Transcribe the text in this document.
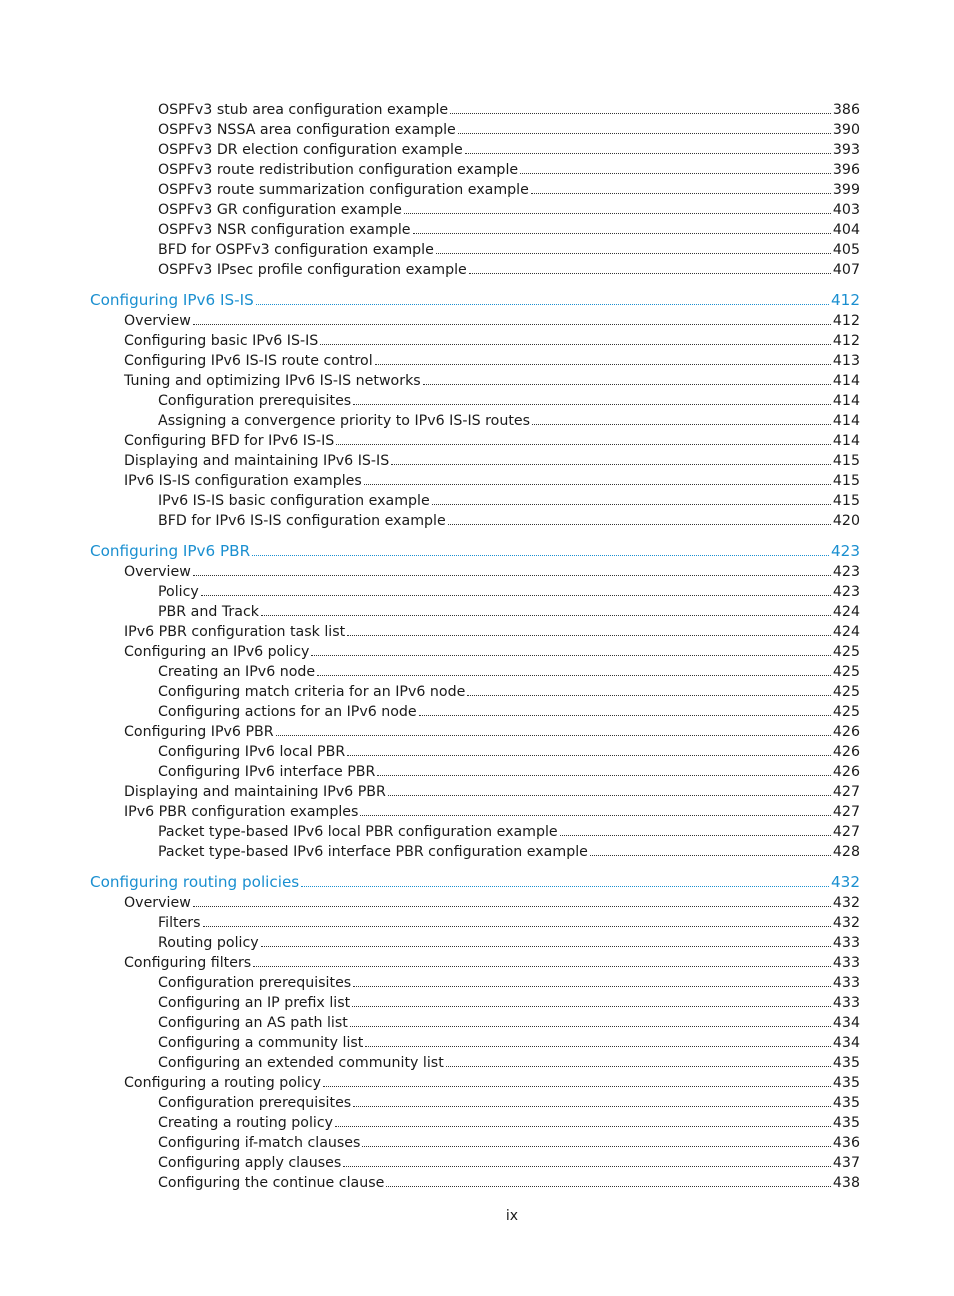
OSPFv3 stub area configuration example	386
OSPFv3 NSSA area configuration example	390
OSPFv3 DR election configuration example	393
OSPFv3 route redistribution configuration example	396
OSPFv3 route summarization configuration example	399
OSPFv3 GR configuration example	403
OSPFv3 NSR configuration example	404
BFD for OSPFv3 configuration example	405
OSPFv3 IPsec profile configuration example	407
Configuring IPv6 IS-IS	412
Overview	412
Configuring basic IPv6 IS-IS	412
Configuring IPv6 IS-IS route control	413
Tuning and optimizing IPv6 IS-IS networks	414
Configuration prerequisites	414
Assigning a convergence priority to IPv6 IS-IS routes	414
Configuring BFD for IPv6 IS-IS	414
Displaying and maintaining IPv6 IS-IS	415
IPv6 IS-IS configuration examples	415
IPv6 IS-IS basic configuration example	415
BFD for IPv6 IS-IS configuration example	420
Configuring IPv6 PBR	423
Overview	423
Policy	423
PBR and Track	424
IPv6 PBR configuration task list	424
Configuring an IPv6 policy	425
Creating an IPv6 node	425
Configuring match criteria for an IPv6 node	425
Configuring actions for an IPv6 node	425
Configuring IPv6 PBR	426
Configuring IPv6 local PBR	426
Configuring IPv6 interface PBR	426
Displaying and maintaining IPv6 PBR	427
IPv6 PBR configuration examples	427
Packet type-based IPv6 local PBR configuration example	427
Packet type-based IPv6 interface PBR configuration example	428
Configuring routing policies	432
Overview	432
Filters	432
Routing policy	433
Configuring filters	433
Configuration prerequisites	433
Configuring an IP prefix list	433
Configuring an AS path list	434
Configuring a community list	434
Configuring an extended community list	435
Configuring a routing policy	435
Configuration prerequisites	435
Creating a routing policy	435
Configuring if-match clauses	436
Configuring apply clauses	437
Configuring the continue clause	438
ix
